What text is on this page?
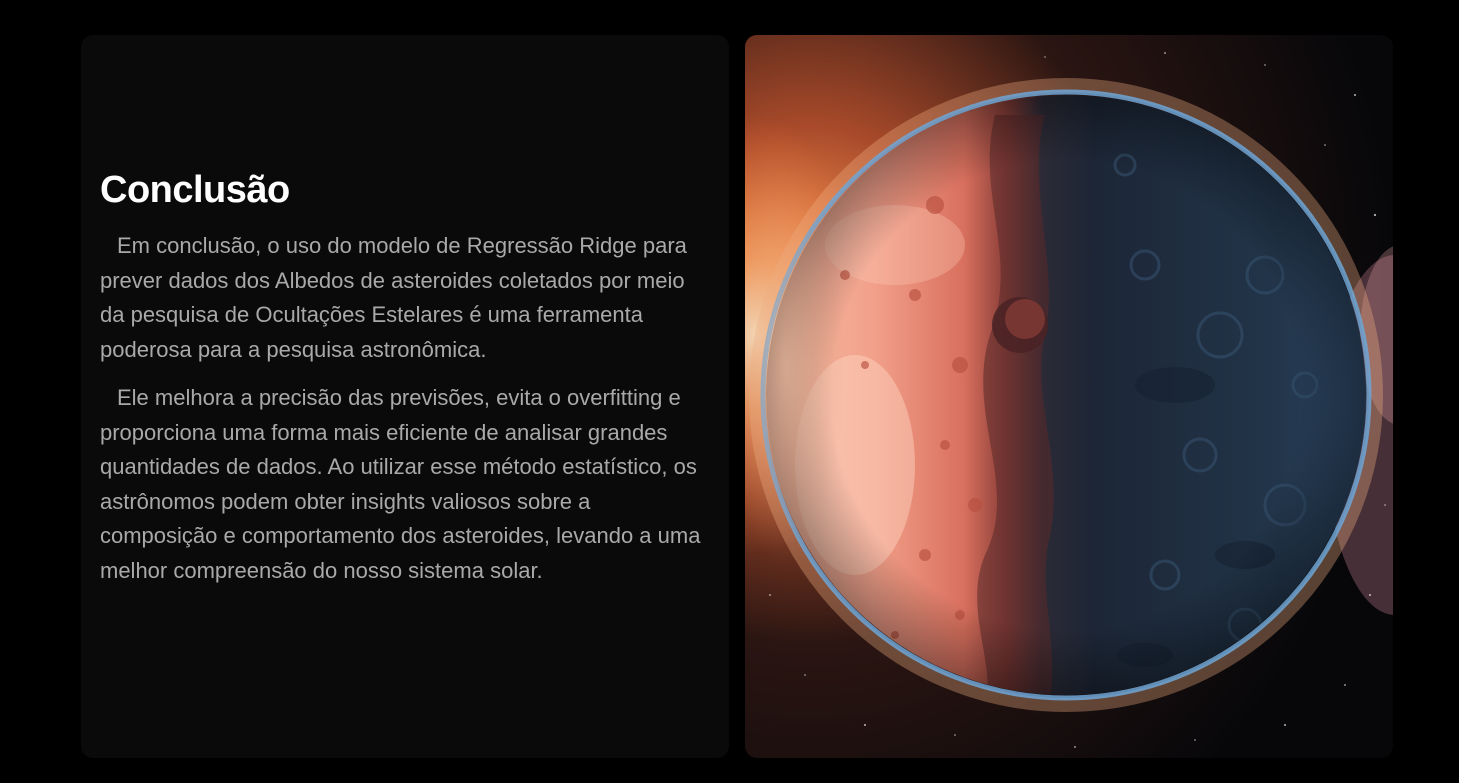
Conclusão

Em conclusão, o uso do modelo de Regressão Ridge para prever dados dos Albedos de asteroides coletados por meio da pesquisa de Ocultações Estelares é uma ferramenta poderosa para a pesquisa astronômica.

Ele melhora a precisão das previsões, evita o overfitting e proporciona uma forma mais eficiente de analisar grandes quantidades de dados. Ao utilizar esse método estatístico, os astrônomos podem obter insights valiosos sobre a composição e comportamento dos asteroides, levando a uma melhor compreensão do nosso sistema solar.
